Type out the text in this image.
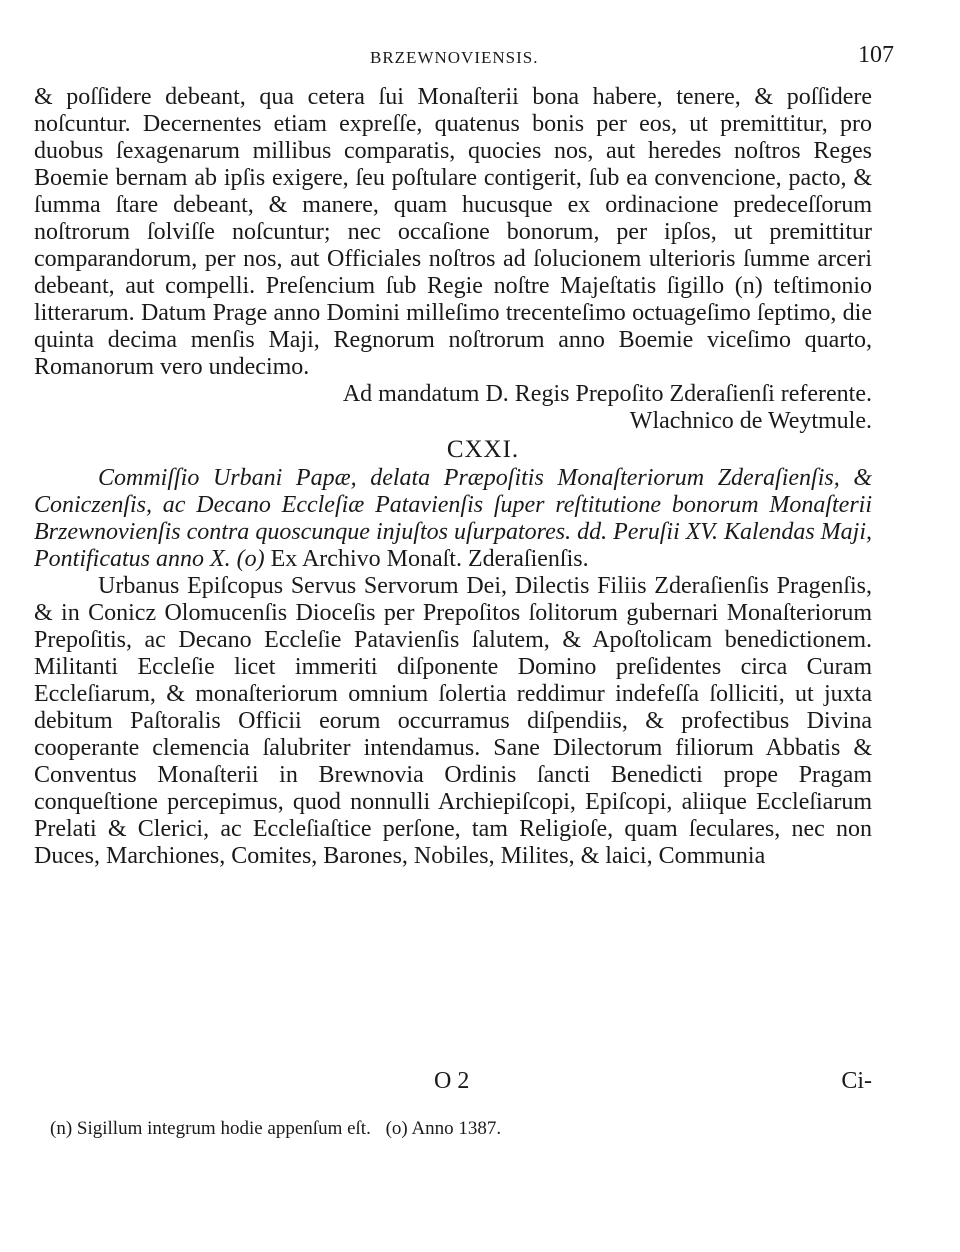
BRZEWNOVIENSIS.	107

& poſſidere debeant, qua cetera ſui Monaſterii bona habere, tenere, & poſſidere noſcuntur. Decernentes etiam expreſſe, quatenus bonis per eos, ut premittitur, pro duobus ſexagenarum millibus comparatis, quocies nos, aut heredes noſtros Reges Boemie bernam ab ipſis exigere, ſeu poſtulare contigerit, ſub ea convencione, pacto, & ſumma ſtare debeant, & manere, quam hucusque ex ordinacione predeceſſorum noſtrorum ſolviſſe noſcuntur; nec occaſione bonorum, per ipſos, ut premittitur comparandorum, per nos, aut Officiales noſtros ad ſolucionem ulterioris ſumme arceri debeant, aut compelli. Preſencium ſub Regie noſtre Majeſtatis ſigillo (n) teſtimonio litterarum. Datum Prage anno Domini milleſimo trecenteſimo octuageſimo ſeptimo, die quinta decima menſis Maji, Regnorum noſtrorum anno Boemie viceſimo quarto, Romanorum vero undecimo.

Ad mandatum D. Regis Prepoſito Zderaſienſi referente.

Wlachnico de Weytmule.

CXXI.

Commiſſio Urbani Papæ, delata Præpoſitis Monaſteriorum Zderaſienſis, & Coniczenſis, ac Decano Eccleſiæ Patavienſis ſuper reſtitutione bonorum Monaſterii Brzewnovienſis contra quoscunque injuſtos uſurpatores. dd. Peruſii XV. Kalendas Maji, Pontificatus anno X. (o) Ex Archivo Monaſt. Zderaſienſis.

Urbanus Epiſcopus Servus Servorum Dei, Dilectis Filiis Zderaſienſis Pragenſis, & in Conicz Olomucenſis Dioceſis per Prepoſitos ſolitorum gubernari Monaſteriorum Prepoſitis, ac Decano Eccleſie Patavienſis ſalutem, & Apoſtolicam benedictionem. Militanti Eccleſie licet immeriti diſponente Domino preſidentes circa Curam Eccleſiarum, & monaſteriorum omnium ſolertia reddimur indefeſſa ſolliciti, ut juxta debitum Paſtoralis Officii eorum occurramus diſpendiis, & profectibus Divina cooperante clemencia ſalubriter intendamus. Sane Dilectorum filiorum Abbatis & Conventus Monaſterii in Brewnovia Ordinis ſancti Benedicti prope Pragam conqueſtione percepimus, quod nonnulli Archiepiſcopi, Epiſcopi, aliique Eccleſiarum Prelati & Clerici, ac Eccleſiaſtice perſone, tam Religioſe, quam ſeculares, nec non Duces, Marchiones, Comites, Barones, Nobiles, Milites, & laici, Communia

O 2	Ci-
(n) Sigillum integrum hodie appenſum eſt. (o) Anno 1387.
